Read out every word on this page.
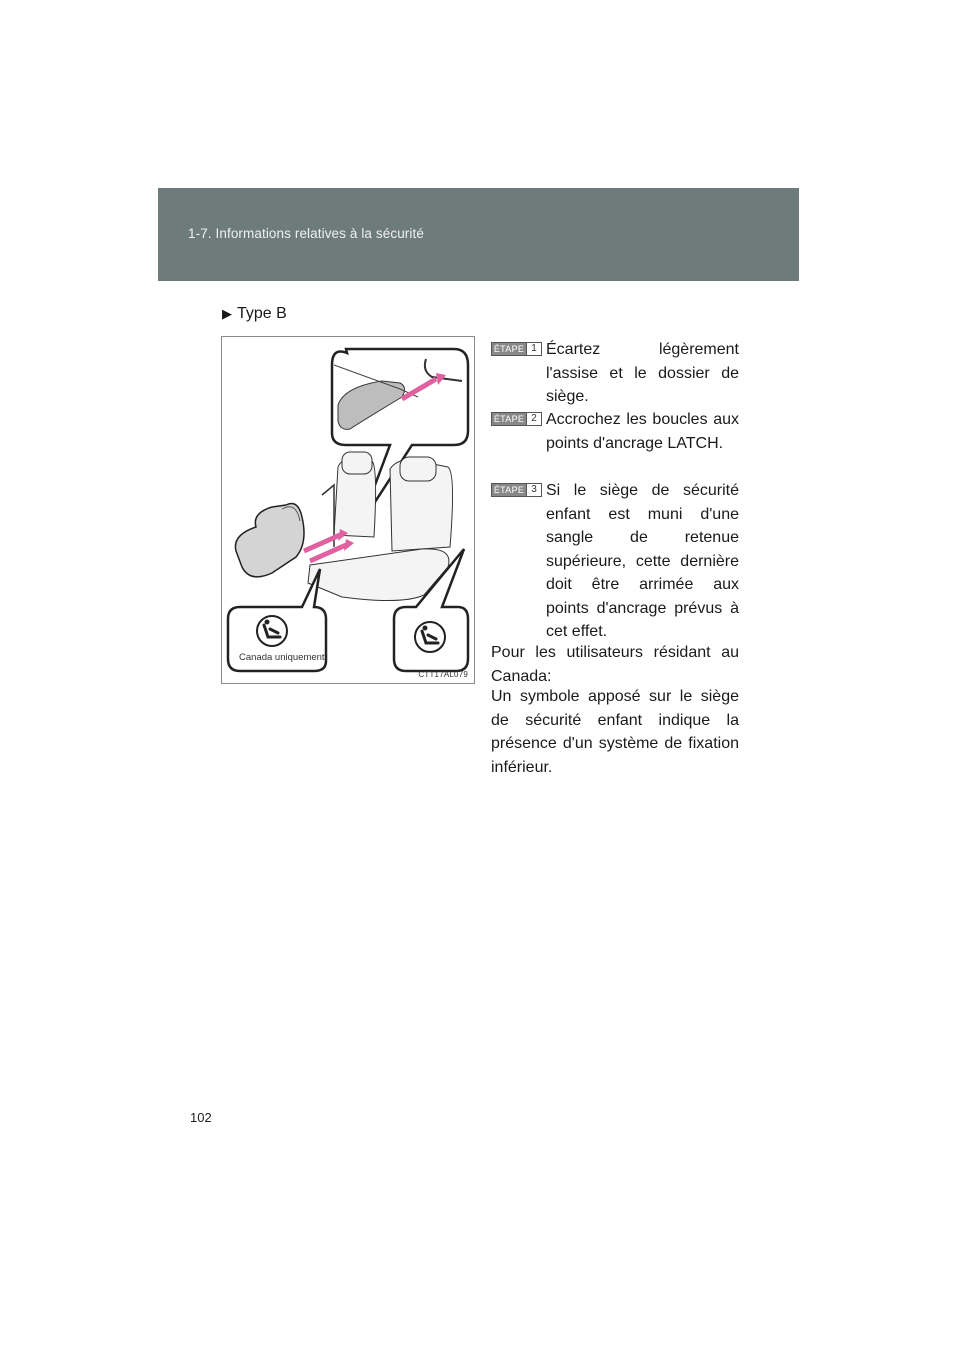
1-7. Informations relatives à la sécurité
▶ Type B
Canada uniquement
CTT17AL079
ÉTAPE 1 Écartez légèrement l'assise et le dossier de siège.
ÉTAPE 2 Accrochez les boucles aux points d'ancrage LATCH.
ÉTAPE 3 Si le siège de sécurité enfant est muni d'une sangle de retenue supérieure, cette dernière doit être arrimée aux points d'ancrage prévus à cet effet.
Pour les utilisateurs résidant au Canada:
Un symbole apposé sur le siège de sécurité enfant indique la présence d'un système de fixation inférieur.
102
